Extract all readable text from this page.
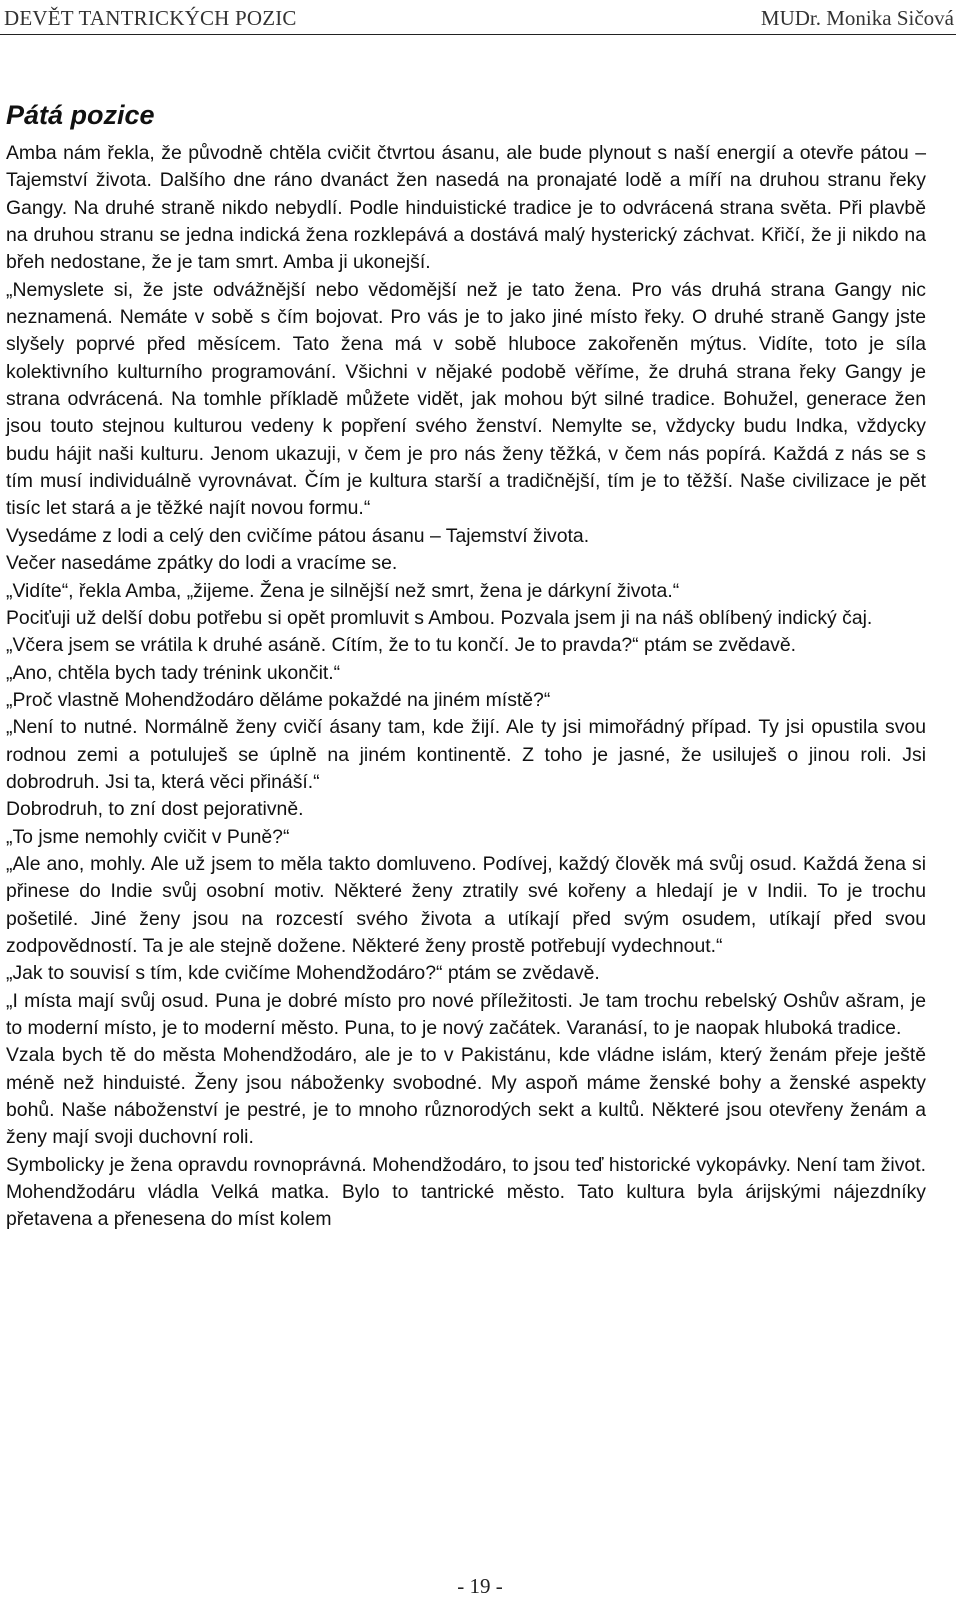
DEVĚT TANTRICKÝCH POZIC	MUDr. Monika Sičová
Pátá pozice

Amba nám řekla, že původně chtěla cvičit čtvrtou ásanu, ale bude plynout s naší energií a otevře pátou – Tajemství života. Dalšího dne ráno dvanáct žen nasedá na pronajaté lodě a míří na druhou stranu řeky Gangy. Na druhé straně nikdo nebydlí. Podle hinduistické tradice je to odvrácená strana světa. Při plavbě na druhou stranu se jedna indická žena rozklepává a dostává malý hysterický záchvat. Křičí, že ji nikdo na břeh nedostane, že je tam smrt. Amba ji ukonejší.

„Nemyslete si, že jste odvážnější nebo vědomější než je tato žena. Pro vás druhá strana Gangy nic neznamená. Nemáte v sobě s čím bojovat. Pro vás je to jako jiné místo řeky. O druhé straně Gangy jste slyšely poprvé před měsícem. Tato žena má v sobě hluboce zakořeněn mýtus. Vidíte, toto je síla kolektivního kulturního programování. Všichni v nějaké podobě věříme, že druhá strana řeky Gangy je strana odvrácená. Na tomhle příkladě můžete vidět, jak mohou být silné tradice. Bohužel, generace žen jsou touto stejnou kulturou vedeny k popření svého ženství. Nemylte se, vždycky budu Indka, vždycky budu hájit naši kulturu. Jenom ukazuji, v čem je pro nás ženy těžká, v čem nás popírá. Každá z nás se s tím musí individuálně vyrovnávat. Čím je kultura starší a tradičnější, tím je to těžší. Naše civilizace je pět tisíc let stará a je těžké najít novou formu.“

Vysedáme z lodi a celý den cvičíme pátou ásanu – Tajemství života.

Večer nasedáme zpátky do lodi a vracíme se.

„Vidíte“, řekla Amba, „žijeme. Žena je silnější než smrt, žena je dárkyní života.“

Pociťuji už delší dobu potřebu si opět promluvit s Ambou. Pozvala jsem ji na náš oblíbený indický čaj.

„Včera jsem se vrátila k druhé asáně. Cítím, že to tu končí. Je to pravda?“ ptám se zvědavě.

„Ano, chtěla bych tady trénink ukončit.“

„Proč vlastně Mohendžodáro děláme pokaždé na jiném místě?“

„Není to nutné. Normálně ženy cvičí ásany tam, kde žijí. Ale ty jsi mimořádný případ. Ty jsi opustila svou rodnou zemi a potuluješ se úplně na jiném kontinentě. Z toho je jasné, že usiluješ o jinou roli. Jsi dobrodruh. Jsi ta, která věci přináší.“

Dobrodruh, to zní dost pejorativně.

„To jsme nemohly cvičit v Puně?“

„Ale ano, mohly. Ale už jsem to měla takto domluveno. Podívej, každý člověk má svůj osud. Každá žena si přinese do Indie svůj osobní motiv. Některé ženy ztratily své kořeny a hledají je v Indii. To je trochu pošetilé. Jiné ženy jsou na rozcestí svého života a utíkají před svým osudem, utíkají před svou zodpovědností. Ta je ale stejně dožene. Některé ženy prostě potřebují vydechnout.“

„Jak to souvisí s tím, kde cvičíme Mohendžodáro?“ ptám se zvědavě.

„I místa mají svůj osud. Puna je dobré místo pro nové příležitosti. Je tam trochu rebelský Oshův ašram, je to moderní místo, je to moderní město. Puna, to je nový začátek. Varanásí, to je naopak hluboká tradice.

Vzala bych tě do města Mohendžodáro, ale je to v Pakistánu, kde vládne islám, který ženám přeje ještě méně než hinduisté. Ženy jsou náboženky svobodné. My aspoň máme ženské bohy a ženské aspekty bohů. Naše náboženství je pestré, je to mnoho různorodých sekt a kultů. Některé jsou otevřeny ženám a ženy mají svoji duchovní roli.

Symbolicky je žena opravdu rovnoprávná. Mohendžodáro, to jsou teď historické vykopávky. Není tam život. Mohendžodáru vládla Velká matka. Bylo to tantrické město. Tato kultura byla árijskými nájezdníky přetavena a přenesena do míst kolem

- 19 -
